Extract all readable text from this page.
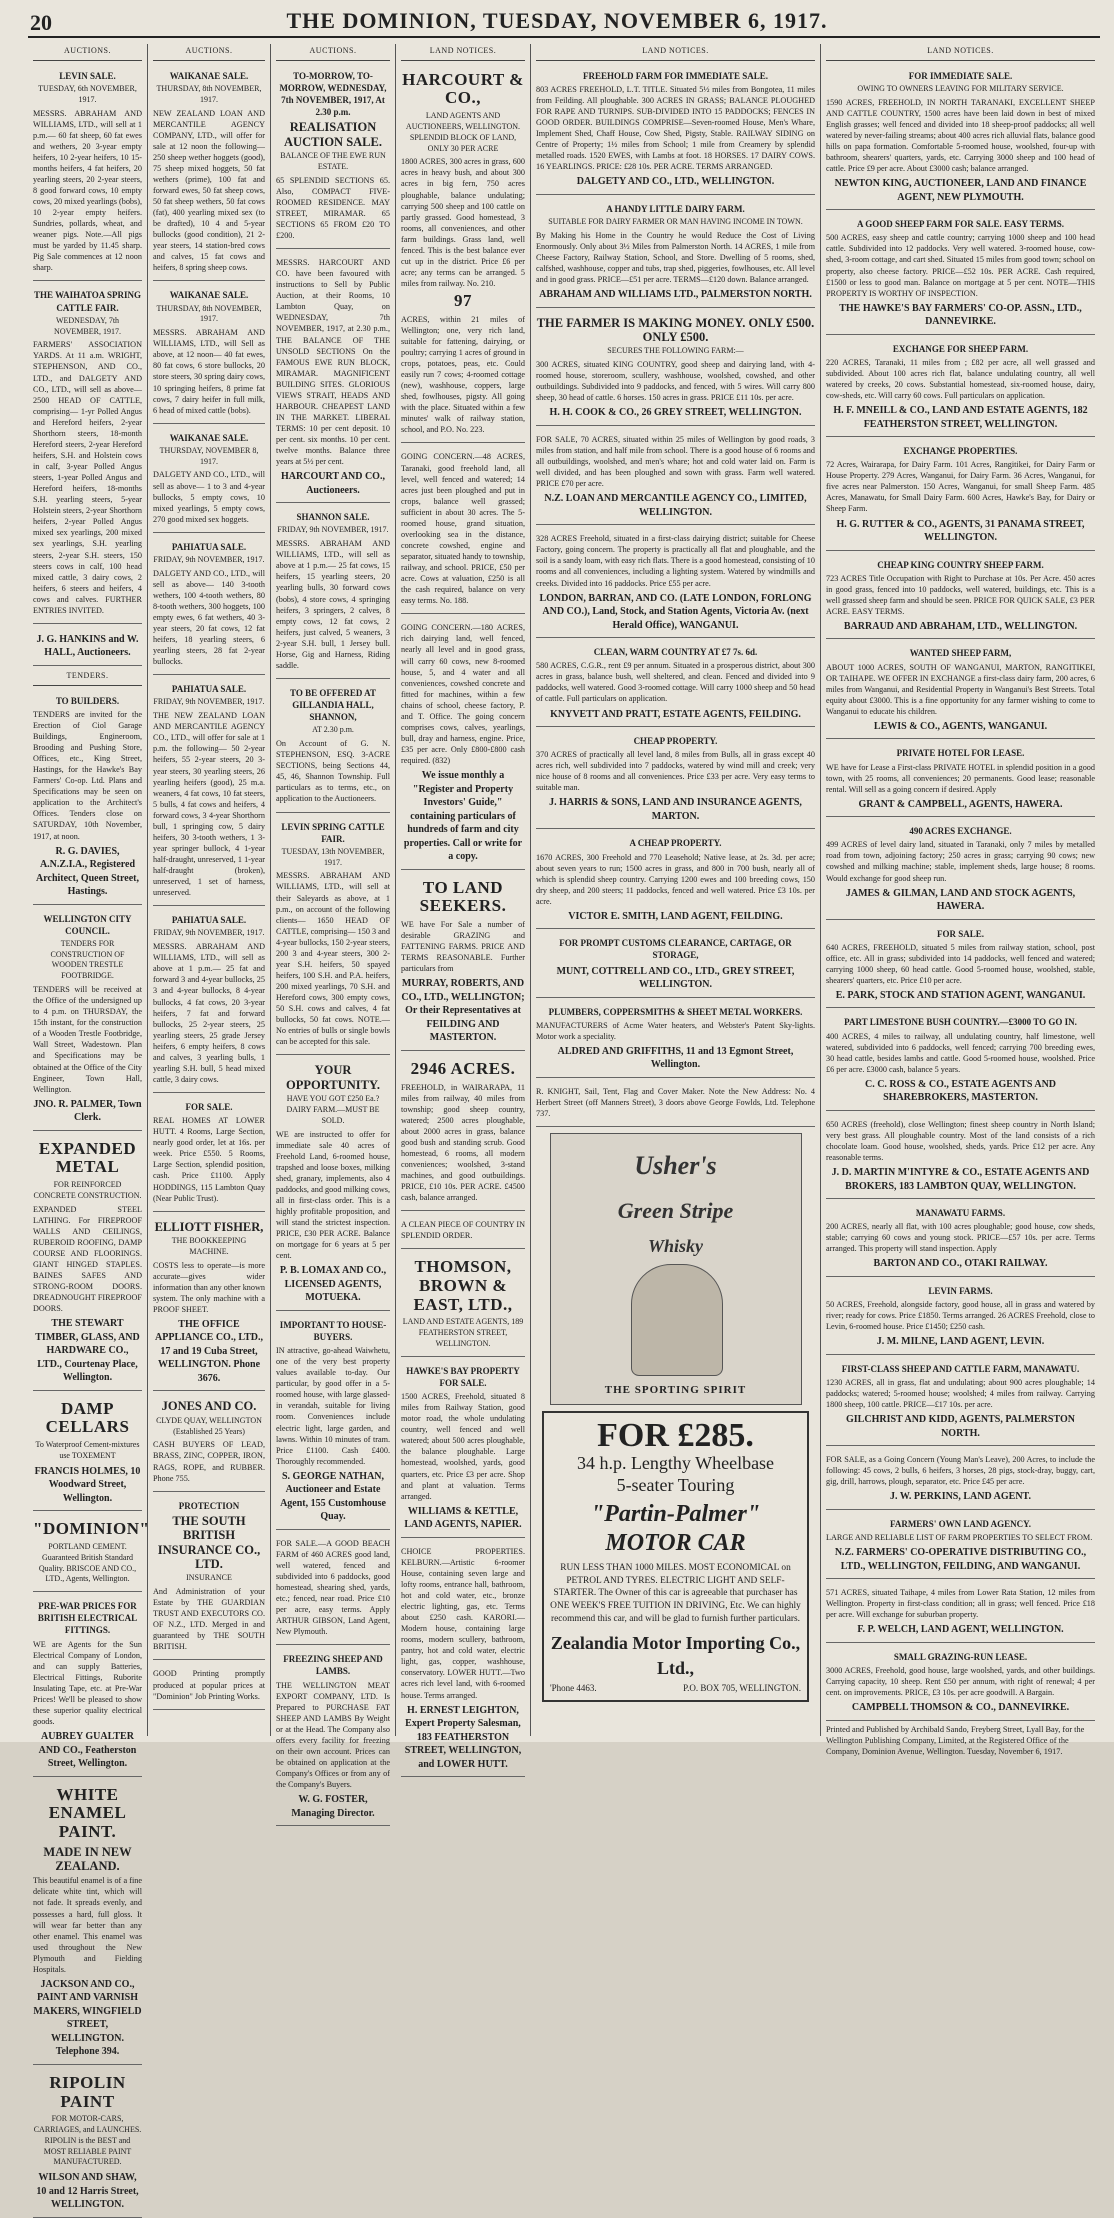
20	THE DOMINION, TUESDAY, NOVEMBER 6, 1917.
AUCTIONS.
LEVIN SALE.
TUESDAY, 6th NOVEMBER, 1917.
MESSRS. ABRAHAM AND WILLIAMS, LTD., will sell at 1 p.m.— 60 fat sheep, 60 fat ewes and wethers, 20 3-year empty heifers, 10 2-year heifers, 10 15-months heifers, 4 fat heifers, 20 yearling steers, 20 2-year steers, 8 good forward cows, 10 empty cows, 20 mixed yearlings (bobs), 10 2-year empty heifers. Sundries, pollards, wheat, and weaner pigs. Note.—All pigs must be yarded by 11.45 sharp. Pig Sale commences at 12 noon sharp.
THE WAIHATOA SPRING CATTLE FAIR.
WEDNESDAY, 7th NOVEMBER, 1917.
FARMERS' ASSOCIATION YARDS. At 11 a.m. WRIGHT, STEPHENSON, AND CO., LTD., and DALGETY AND CO., LTD., will sell as above— 2500 HEAD OF CATTLE, comprising— 1-yr Polled Angus and Hereford heifers, 2-year Shorthorn steers, 18-month Hereford steers, 2-year Hereford heifers, S.H. and Holstein cows in calf, 3-year Polled Angus steers, 1-year Polled Angus and Hereford heifers, 18-months S.H. yearling steers, 5-year Holstein steers, 2-year Shorthorn heifers, 2-year Polled Angus mixed sex yearlings, 200 mixed sex yearlings, S.H. yearling steers, 2-year S.H. steers, 150 steers cows in calf, 100 head mixed cattle, 3 dairy cows, 2 heifers, 6 steers and heifers, 4 cows and calves. FURTHER ENTRIES INVITED.
J. G. HANKINS and W. HALL, Auctioneers.
TENDERS.
TO BUILDERS.
TENDERS are invited for the Erection of Ciol Garage Buildings, Engineroom, Brooding and Pushing Store, Offices, etc., King Street, Hastings, for the Hawke's Bay Farmers' Co-op. Ltd. Plans and Specifications may be seen on application to the Architect's Offices. Tenders close on SATURDAY, 10th November, 1917, at noon.
R. G. DAVIES, A.N.Z.I.A., Registered Architect, Queen Street, Hastings.
WELLINGTON CITY COUNCIL.
TENDERS FOR CONSTRUCTION OF WOODEN TRESTLE FOOTBRIDGE.
TENDERS will be received at the Office of the undersigned up to 4 p.m. on THURSDAY, the 15th instant, for the construction of a Wooden Trestle Footbridge, Wall Street, Wadestown. Plan and Specifications may be obtained at the Office of the City Engineer, Town Hall, Wellington.
JNO. R. PALMER, Town Clerk.
EXPANDED METAL
FOR REINFORCED CONCRETE CONSTRUCTION.
EXPANDED STEEL LATHING. For FIREPROOF WALLS AND CEILINGS, RUBEROID ROOFING, DAMP COURSE AND FLOORINGS. GIANT HINGED STAPLES. BAINES SAFES AND STRONG-ROOM DOORS. DREADNOUGHT FIREPROOF DOORS.
THE STEWART TIMBER, GLASS, AND HARDWARE CO., LTD., Courtenay Place, Wellington.
DAMP CELLARS
To Waterproof Cement-mixtures use TOXEMENT
FRANCIS HOLMES, 10 Woodward Street, Wellington.
"DOMINION"
PORTLAND CEMENT. Guaranteed British Standard Quality. BRISCOE AND CO., LTD., Agents, Wellington.
PRE-WAR PRICES FOR BRITISH ELECTRICAL FITTINGS.
WE are Agents for the Sun Electrical Company of London, and can supply Batteries, Electrical Fittings, Ruborite Insulating Tape, etc. at Pre-War Prices! We'll be pleased to show these superior quality electrical goods.
AUBREY GUALTER AND CO., Featherston Street, Wellington.
WHITE ENAMEL PAINT.
MADE IN NEW ZEALAND.
This beautiful enamel is of a fine delicate white tint, which will not fade. It spreads evenly, and possesses a hard, full gloss. It will wear far better than any other enamel. This enamel was used throughout the New Plymouth and Fielding Hospitals.
JACKSON AND CO., PAINT AND VARNISH MAKERS, WINGFIELD STREET, WELLINGTON. Telephone 394.
RIPOLIN PAINT
FOR MOTOR-CARS, CARRIAGES, and LAUNCHES. RIPOLIN is the BEST and MOST RELIABLE PAINT MANUFACTURED.
WILSON AND SHAW, 10 and 12 Harris Street, WELLINGTON.
AUCTIONS.
WAIKANAE SALE.
THURSDAY, 8th NOVEMBER, 1917.
NEW ZEALAND LOAN AND MERCANTILE AGENCY COMPANY, LTD., will offer for sale at 12 noon the following— 250 sheep wether hoggets (good), 75 sheep mixed hoggets, 50 fat wethers (prime), 100 fat and forward ewes, 50 fat sheep cows, 50 fat sheep wethers, 50 fat cows (fat), 400 yearling mixed sex (to be drafted), 10 4 and 5-year bullocks (good condition), 21 2-year steers, 14 station-bred cows and calves, 15 fat cows and heifers, 8 spring sheep cows.
WAIKANAE SALE.
THURSDAY, 8th NOVEMBER, 1917.
MESSRS. ABRAHAM AND WILLIAMS, LTD., will Sell as above, at 12 noon— 40 fat ewes, 80 fat cows, 6 store bullocks, 20 store steers, 30 spring dairy cows, 10 springing heifers, 8 prime fat cows, 7 dairy heifer in full milk, 6 head of mixed cattle (bobs).
WAIKANAE SALE.
THURSDAY, NOVEMBER 8, 1917.
DALGETY AND CO., LTD., will sell as above— 1 to 3 and 4-year bullocks, 5 empty cows, 10 mixed yearlings, 5 empty cows, 270 good mixed sex hoggets.
PAHIATUA SALE.
FRIDAY, 9th NOVEMBER, 1917.
DALGETY AND CO., LTD., will sell as above— 140 3-tooth wethers, 100 4-tooth wethers, 80 8-tooth wethers, 300 hoggets, 100 empty ewes, 6 fat wethers, 40 3-year steers, 20 fat cows, 12 fat heifers, 18 yearling steers, 6 yearling steers, 28 fat 2-year bullocks.
PAHIATUA SALE.
FRIDAY, 9th NOVEMBER, 1917.
THE NEW ZEALAND LOAN AND MERCANTILE AGENCY CO., LTD., will offer for sale at 1 p.m. the following— 50 2-year heifers, 55 2-year steers, 20 3-year steers, 30 yearling steers, 26 yearling heifers (good), 25 m.a. weaners, 4 fat cows, 10 fat steers, 5 bulls, 4 fat cows and heifers, 4 forward cows, 3 4-year Shorthorn bull, 1 springing cow, 5 dairy heifers, 30 3-tooth wethers, 1 3-year springer bullock, 4 1-year half-draught, unreserved, 1 1-year half-draught (broken), unreserved, 1 set of harness, unreserved.
PAHIATUA SALE.
FRIDAY, 9th NOVEMBER, 1917.
MESSRS. ABRAHAM AND WILLIAMS, LTD., will sell as above at 1 p.m.— 25 fat and forward 3 and 4-year bullocks, 25 3 and 4-year bullocks, 8 4-year bullocks, 4 fat cows, 20 3-year heifers, 7 fat and forward bullocks, 25 2-year steers, 25 yearling steers, 25 grade Jersey heifers, 6 empty heifers, 8 cows and calves, 3 yearling bulls, 1 yearling S.H. bull, 5 head mixed cattle, 3 dairy cows.
FOR SALE.
REAL HOMES AT LOWER HUTT. 4 Rooms, Large Section, nearly good order, let at 16s. per week. Price £550. 5 Rooms, Large Section, splendid position, cash. Price £1100. Apply HODDINGS, 115 Lambton Quay (Near Public Trust).
ELLIOTT FISHER,
THE BOOKKEEPING MACHINE.
COSTS less to operate—is more accurate—gives wider information than any other known system. The only machine with a PROOF SHEET.
THE OFFICE APPLIANCE CO., LTD., 17 and 19 Cuba Street, WELLINGTON. Phone 3676.
JONES AND CO.
CLYDE QUAY, WELLINGTON (Established 25 Years)
CASH BUYERS OF LEAD, BRASS, ZINC, COPPER, IRON, RAGS, ROPE, and RUBBER. Phone 755.
PROTECTION
THE SOUTH BRITISH INSURANCE CO., LTD.
INSURANCE
And Administration of your Estate by THE GUARDIAN TRUST AND EXECUTORS CO. OF N.Z., LTD. Merged in and guaranteed by THE SOUTH BRITISH.
GOOD Printing promptly produced at popular prices at "Dominion" Job Printing Works.
AUCTIONS.
TO-MORROW, TO-MORROW, WEDNESDAY, 7th NOVEMBER, 1917, At 2.30 p.m.
REALISATION AUCTION SALE.
BALANCE OF THE EWE RUN ESTATE.
65 SPLENDID SECTIONS 65. Also, COMPACT FIVE-ROOMED RESIDENCE. MAY STREET, MIRAMAR. 65 SECTIONS 65 FROM £20 TO £200.
MESSRS. HARCOURT AND CO. have been favoured with instructions to Sell by Public Auction, at their Rooms, 10 Lambton Quay, on WEDNESDAY, 7th NOVEMBER, 1917, at 2.30 p.m., THE BALANCE OF THE UNSOLD SECTIONS On the FAMOUS EWE RUN BLOCK, MIRAMAR. MAGNIFICENT BUILDING SITES. GLORIOUS VIEWS STRAIT, HEADS AND HARBOUR. CHEAPEST LAND IN THE MARKET. LIBERAL TERMS: 10 per cent deposit. 10 per cent. six months. 10 per cent. twelve months. Balance three years at 5½ per cent.
HARCOURT AND CO., Auctioneers.
SHANNON SALE.
FRIDAY, 9th NOVEMBER, 1917.
MESSRS. ABRAHAM AND WILLIAMS, LTD., will sell as above at 1 p.m.— 25 fat cows, 15 heifers, 15 yearling steers, 20 yearling bulls, 30 forward cows (bobs), 4 store cows, 4 springing heifers, 3 springers, 2 calves, 8 empty cows, 12 fat cows, 2 heifers, just calved, 5 weaners, 3 2-year S.H. bull, 1 Jersey bull. Horse, Gig and Harness, Riding saddle.
TO BE OFFERED AT GILLANDIA HALL, SHANNON,
AT 2.30 p.m.
On Account of G. N. STEPHENSON, ESQ. 3-ACRE SECTIONS, being Sections 44, 45, 46, Shannon Township. Full particulars as to terms, etc., on application to the Auctioneers.
LEVIN SPRING CATTLE FAIR.
TUESDAY, 13th NOVEMBER, 1917.
MESSRS. ABRAHAM AND WILLIAMS, LTD., will sell at their Saleyards as above, at 1 p.m., on account of the following clients— 1650 HEAD OF CATTLE, comprising— 150 3 and 4-year bullocks, 150 2-year steers, 200 3 and 4-year steers, 300 2-year S.H. heifers, 50 spayed heifers, 100 S.H. and P.A. heifers, 200 mixed yearlings, 70 S.H. and Hereford cows, 300 empty cows, 50 S.H. cows and calves, 4 fat bullocks, 50 fat cows. NOTE.—No entries of bulls or single bowls can be accepted for this sale.
YOUR OPPORTUNITY.
HAVE YOU GOT £250 Ea.? DAIRY FARM.—MUST BE SOLD.
WE are instructed to offer for immediate sale 40 acres of Freehold Land, 6-roomed house, trapshed and loose boxes, milking shed, granary, implements, also 4 paddocks, and good milking cows, all in first-class order. This is a highly profitable proposition, and will stand the strictest inspection. PRICE, £30 PER ACRE. Balance on mortgage for 6 years at 5 per cent.
P. B. LOMAX AND CO., LICENSED AGENTS, MOTUEKA.
IMPORTANT TO HOUSE-BUYERS.
IN attractive, go-ahead Waiwhetu, one of the very best property values available to-day. Our particular, by good offer in a 5-roomed house, with large glassed-in verandah, suitable for living room. Conveniences include electric light, large garden, and lawns. Within 10 minutes of tram. Price £1100. Cash £400. Thoroughly recommended.
S. GEORGE NATHAN, Auctioneer and Estate Agent, 155 Customhouse Quay.
FOR SALE.—A GOOD BEACH FARM of 460 ACRES good land, well watered, fenced and subdivided into 6 paddocks, good homestead, shearing shed, yards, etc.; fenced, near road. Price £10 per acre, easy terms. Apply ARTHUR GIBSON, Land Agent, New Plymouth.
FREEZING SHEEP AND LAMBS.
THE WELLINGTON MEAT EXPORT COMPANY, LTD. Is Prepared to PURCHASE FAT SHEEP AND LAMBS By Weight or at the Head. The Company also offers every facility for freezing on their own account. Prices can be obtained on application at the Company's Offices or from any of the Company's Buyers.
W. G. FOSTER, Managing Director.
LAND NOTICES.
HARCOURT & CO.,
LAND AGENTS AND AUCTIONEERS, WELLINGTON. SPLENDID BLOCK OF LAND, ONLY 30 PER ACRE
1800 ACRES, 300 acres in grass, 600 acres in heavy bush, and about 300 acres in big fern, 750 acres ploughable, balance undulating; carrying 500 sheep and 100 cattle on partly grassed. Good homestead, 3 rooms, all conveniences, and other farm buildings. Grass land, well fenced. This is the best balance ever cut up in the district. Price £6 per acre; any terms can be arranged. 5 miles from railway. No. 210.
97
ACRES, within 21 miles of Wellington; one, very rich land, suitable for fattening, dairying, or poultry; carrying 1 acres of ground in crops, potatoes, peas, etc. Could easily run 7 cows; 4-roomed cottage (new), washhouse, coppers, large shed, fowlhouses, pigsty. All going with the place. Situated within a few minutes' walk of railway station, school, and P.O. No. 223.
GOING CONCERN.—48 ACRES, Taranaki, good freehold land, all level, well fenced and watered; 14 acres just been ploughed and put in crops, balance well grassed; sufficient in about 30 acres. The 5-roomed house, grand situation, overlooking sea in the distance, concrete cowshed, engine and separator, situated handy to township, railway, and school. PRICE, £50 per acre. Cows at valuation, £250 is all the cash required, balance on very easy terms. No. 188.
GOING CONCERN.—180 ACRES, rich dairying land, well fenced, nearly all level and in good grass, will carry 60 cows, new 8-roomed house, 5, and 4 water and all conveniences, cowshed concrete and fitted for machines, within a few chains of school, cheese factory, P. and T. Office. The going concern comprises cows, calves, yearlings, bull, dray and harness, engine. Price, £35 per acre. Only £800-£800 cash required. (832)
We issue monthly a "Register and Property Investors' Guide," containing particulars of hundreds of farm and city properties. Call or write for a copy.
TO LAND SEEKERS.
WE have For Sale a number of desirable GRAZING and FATTENING FARMS. PRICE AND TERMS REASONABLE. Further particulars from
MURRAY, ROBERTS, AND CO., LTD., WELLINGTON; Or their Representatives at FEILDING AND MASTERTON.
2946 ACRES.
FREEHOLD, in WAIRARAPA, 11 miles from railway, 40 miles from township; good sheep country, watered; 2500 acres ploughable, about 2000 acres in grass, balance good bush and standing scrub. Good homestead, 6 rooms, all modern conveniences; woolshed, 3-stand machines, and good outbuildings. PRICE, £10 10s. PER ACRE. £4500 cash, balance arranged.
A CLEAN PIECE OF COUNTRY IN SPLENDID ORDER.
THOMSON, BROWN & EAST, LTD.,
LAND AND ESTATE AGENTS, 189 FEATHERSTON STREET, WELLINGTON.
HAWKE'S BAY PROPERTY FOR SALE.
1500 ACRES, Freehold, situated 8 miles from Railway Station, good motor road, the whole undulating country, well fenced and well watered; about 500 acres ploughable, the balance ploughable. Large homestead, woolshed, yards, good quarters, etc. Price £3 per acre. Shop and plant at valuation. Terms arranged.
WILLIAMS & KETTLE, LAND AGENTS, NAPIER.
CHOICE PROPERTIES. KELBURN.—Artistic 6-roomer House, containing seven large and lofty rooms, entrance hall, bathroom, hot and cold water, etc., bronze electric lighting, gas, etc. Terms about £250 cash. KARORI.—Modern house, containing large rooms, modern scullery, bathroom, pantry, hot and cold water, electric light, gas, copper, washhouse, conservatory. LOWER HUTT.—Two acres rich level land, with 6-roomed house. Terms arranged.
H. ERNEST LEIGHTON, Expert Property Salesman, 183 FEATHERSTON STREET, WELLINGTON, and LOWER HUTT.
LAND NOTICES.
FREEHOLD FARM FOR IMMEDIATE SALE.
803 ACRES FREEHOLD, L.T. TITLE. Situated 5½ miles from Bongotea, 11 miles from Feilding. All ploughable. 300 ACRES IN GRASS; BALANCE PLOUGHED FOR RAPE AND TURNIPS. SUB-DIVIDED INTO 15 PADDOCKS; FENCES IN GOOD ORDER. BUILDINGS COMPRISE—Seven-roomed House, Men's Whare, Implement Shed, Chaff House, Cow Shed, Pigsty, Stable. RAILWAY SIDING on Centre of Property; 1½ miles from School; 1 mile from Creamery by splendid metalled roads. 1520 EWES, with Lambs at foot. 18 HORSES. 17 DAIRY COWS. 16 YEARLINGS. PRICE: £28 10s. PER ACRE. TERMS ARRANGED.
DALGETY AND CO., LTD., WELLINGTON.
A HANDY LITTLE DAIRY FARM.
SUITABLE FOR DAIRY FARMER OR MAN HAVING INCOME IN TOWN.
By Making his Home in the Country he would Reduce the Cost of Living Enormously. Only about 3½ Miles from Palmerston North. 14 ACRES, 1 mile from Cheese Factory, Railway Station, School, and Store. Dwelling of 5 rooms, shed, calfshed, washhouse, copper and tubs, trap shed, piggeries, fowlhouses, etc. All level and in good grass. PRICE—£51 per acre. TERMS—£120 down. Balance arranged.
ABRAHAM AND WILLIAMS LTD., PALMERSTON NORTH.
THE FARMER IS MAKING MONEY. ONLY £500. ONLY £500.
SECURES THE FOLLOWING FARM:—
300 ACRES, situated KING COUNTRY, good sheep and dairying land, with 4-roomed house, storeroom, scullery, washhouse, woolshed, cowshed, and other outbuildings. Subdivided into 9 paddocks, and fenced, with 5 wires. Will carry 800 sheep, 30 head of cattle. 6 horses. 150 acres in grass. PRICE £11 10s. per acre.
H. H. COOK & CO., 26 GREY STREET, WELLINGTON.
FOR SALE, 70 ACRES, situated within 25 miles of Wellington by good roads, 3 miles from station, and half mile from school. There is a good house of 6 rooms and all outbuildings, woolshed, and men's whare; hot and cold water laid on. Farm is well divided, and has been ploughed and sown with grass. Farm well watered. PRICE £70 per acre.
N.Z. LOAN AND MERCANTILE AGENCY CO., LIMITED, WELLINGTON.
328 ACRES Freehold, situated in a first-class dairying district; suitable for Cheese Factory, going concern. The property is practically all flat and ploughable, and the soil is a sandy loam, with easy rich flats. There is a good homestead, consisting of 10 rooms and all conveniences, including a lighting system. Watered by windmills and creeks. Divided into 16 paddocks. Price £55 per acre.
LONDON, BARRAN, AND CO. (LATE LONDON, FORLONG AND CO.), Land, Stock, and Station Agents, Victoria Av. (next Herald Office), WANGANUI.
CLEAN, WARM COUNTRY AT £7 7s. 6d.
580 ACRES, C.G.R., rent £9 per annum. Situated in a prosperous district, about 300 acres in grass, balance bush, well sheltered, and clean. Fenced and divided into 9 paddocks, well watered. Good 3-roomed cottage. Will carry 1000 sheep and 50 head of cattle. Full particulars on application.
KNYVETT AND PRATT, ESTATE AGENTS, FEILDING.
CHEAP PROPERTY.
370 ACRES of practically all level land, 8 miles from Bulls, all in grass except 40 acres rich, well subdivided into 7 paddocks, watered by wind mill and creek; very nice house of 8 rooms and all conveniences. Price £33 per acre. Very easy terms to suitable man.
J. HARRIS & SONS, LAND AND INSURANCE AGENTS, MARTON.
A CHEAP PROPERTY.
1670 ACRES, 300 Freehold and 770 Leasehold; Native lease, at 2s. 3d. per acre; about seven years to run; 1500 acres in grass, and 800 in 700 bush, nearly all of which is splendid sheep country. Carrying 1200 ewes and 100 breeding cows, 150 dry sheep, and 200 steers; 11 paddocks, fenced and well watered. Price £3 10s. per acre.
VICTOR E. SMITH, LAND AGENT, FEILDING.
FOR PROMPT CUSTOMS CLEARANCE, CARTAGE, OR STORAGE,
MUNT, COTTRELL AND CO., LTD., GREY STREET, WELLINGTON.
PLUMBERS, COPPERSMITHS & SHEET METAL WORKERS.
MANUFACTURERS of Acme Water heaters, and Webster's Patent Sky-lights. Motor work a speciality.
ALDRED AND GRIFFITHS, 11 and 13 Egmont Street, Wellington.
R. KNIGHT, Sail, Tent, Flag and Cover Maker. Note the New Address: No. 4 Herbert Street (off Manners Street), 3 doors above George Fowlds, Ltd. Telephone 737.
Usher's
Green Stripe
Whisky
THE SPORTING SPIRIT
FOR £285.
34 h.p. Lengthy Wheelbase
5-seater Touring
"Partin-Palmer" MOTOR CAR
RUN LESS THAN 1000 MILES. MOST ECONOMICAL on PETROL AND TYRES. ELECTRIC LIGHT AND SELF-STARTER. The Owner of this car is agreeable that purchaser has ONE WEEK'S FREE TUITION IN DRIVING, Etc. We can highly recommend this car, and will be glad to furnish further particulars.
Zealandia Motor Importing Co., Ltd.,
'Phone 4463.	P.O. BOX 705, WELLINGTON.
LAND NOTICES.
FOR IMMEDIATE SALE.
OWING TO OWNERS LEAVING FOR MILITARY SERVICE.
1590 ACRES, FREEHOLD, IN NORTH TARANAKI, EXCELLENT SHEEP AND CATTLE COUNTRY, 1500 acres have been laid down in best of mixed English grasses; well fenced and divided into 18 sheep-proof paddocks; all well watered by never-failing streams; about 400 acres rich alluvial flats, balance good hills on papa formation. Comfortable 5-roomed house, woolshed, four-up with bathroom, shearers' quarters, yards, etc. Carrying 3000 sheep and 100 head of cattle. Price £9 per acre. About £3000 cash; balance arranged.
NEWTON KING, AUCTIONEER, LAND AND FINANCE AGENT, NEW PLYMOUTH.
A GOOD SHEEP FARM FOR SALE. EASY TERMS.
500 ACRES, easy sheep and cattle country; carrying 1000 sheep and 100 head cattle. Subdivided into 12 paddocks. Very well watered. 3-roomed house, cow-shed, 3-room cottage, and cart shed. Situated 15 miles from good town; school on property, also cheese factory. PRICE—£52 10s. PER ACRE. Cash required, £1500 or less to good man. Balance on mortgage at 5 per cent. NOTE—THIS PROPERTY IS WORTHY OF INSPECTION.
THE HAWKE'S BAY FARMERS' CO-OP. ASSN., LTD., DANNEVIRKE.
EXCHANGE FOR SHEEP FARM.
220 ACRES, Taranaki, 11 miles from ; £82 per acre, all well grassed and subdivided. About 100 acres rich flat, balance undulating country, all well watered by creeks, 20 cows. Substantial homestead, six-roomed house, dairy, cow-sheds, etc. Will carry 60 cows. Full particulars on application.
H. F. MNEILL & CO., LAND AND ESTATE AGENTS, 182 FEATHERSTON STREET, WELLINGTON.
EXCHANGE PROPERTIES.
72 Acres, Wairarapa, for Dairy Farm. 101 Acres, Rangitikei, for Dairy Farm or House Property. 279 Acres, Wanganui, for Dairy Farm. 36 Acres, Wanganui, for five acres near Palmerston. 150 Acres, Wanganui, for small Sheep Farm. 485 Acres, Manawatu, for Small Dairy Farm. 600 Acres, Hawke's Bay, for Dairy or Sheep Farm.
H. G. RUTTER & CO., AGENTS, 31 PANAMA STREET, WELLINGTON.
CHEAP KING COUNTRY SHEEP FARM.
723 ACRES Title Occupation with Right to Purchase at 10s. Per Acre. 450 acres in good grass, fenced into 10 paddocks, well watered, buildings, etc. This is a well grassed sheep farm and should be seen. PRICE FOR QUICK SALE, £3 PER ACRE. EASY TERMS.
BARRAUD AND ABRAHAM, LTD., WELLINGTON.
WANTED SHEEP FARM,
ABOUT 1000 ACRES, SOUTH OF WANGANUI, MARTON, RANGITIKEI, OR TAIHAPE. WE OFFER IN EXCHANGE a first-class dairy farm, 200 acres, 6 miles from Wanganui, and Residential Property in Wanganui's Best Streets. Total equity about £3000. This is a fine opportunity for any farmer wishing to come to Wanganui to educate his children.
LEWIS & CO., AGENTS, WANGANUI.
PRIVATE HOTEL FOR LEASE.
WE have for Lease a First-class PRIVATE HOTEL in splendid position in a good town, with 25 rooms, all conveniences; 20 permanents. Good lease; reasonable rental. Will sell as a going concern if desired. Apply
GRANT & CAMPBELL, AGENTS, HAWERA.
490 ACRES EXCHANGE.
499 ACRES of level dairy land, situated in Taranaki, only 7 miles by metalled road from town, adjoining factory; 250 acres in grass; carrying 90 cows; new cowshed and milking machine; stable, implement sheds, large house; 8 rooms. Would exchange for good sheep run.
JAMES & GILMAN, LAND AND STOCK AGENTS, HAWERA.
FOR SALE.
640 ACRES, FREEHOLD, situated 5 miles from railway station, school, post office, etc. All in grass; subdivided into 14 paddocks, well fenced and watered; carrying 1000 sheep, 60 head cattle. Good 5-roomed house, woolshed, stable, shearers' quarters, etc. Price £10 per acre.
E. PARK, STOCK AND STATION AGENT, WANGANUI.
PART LIMESTONE BUSH COUNTRY.—£3000 TO GO IN.
400 ACRES, 4 miles to railway, all undulating country, half limestone, well watered, subdivided into 6 paddocks, well fenced; carrying 700 breeding ewes, 30 head cattle, besides lambs and cattle. Good 5-roomed house, woolshed. Price £6 per acre. £3000 cash, balance 5 years.
C. C. ROSS & CO., ESTATE AGENTS AND SHAREBROKERS, MASTERTON.
650 ACRES (freehold), close Wellington; finest sheep country in North Island; very best grass. All ploughable country. Most of the land consists of a rich chocolate loam. Good house, woolshed, sheds, yards. Price £12 per acre. Any reasonable terms.
J. D. MARTIN M'INTYRE & CO., ESTATE AGENTS AND BROKERS, 183 LAMBTON QUAY, WELLINGTON.
MANAWATU FARMS.
200 ACRES, nearly all flat, with 100 acres ploughable; good house, cow sheds, stable; carrying 60 cows and young stock. PRICE—£57 10s. per acre. Terms arranged. This property will stand inspection. Apply
BARTON AND CO., OTAKI RAILWAY.
LEVIN FARMS.
50 ACRES, Freehold, alongside factory, good house, all in grass and watered by river; ready for cows. Price £1850. Terms arranged. 26 ACRES Freehold, close to Levin, 6-roomed house. Price £1450; £250 cash.
J. M. MILNE, LAND AGENT, LEVIN.
FIRST-CLASS SHEEP AND CATTLE FARM, MANAWATU.
1230 ACRES, all in grass, flat and undulating; about 900 acres ploughable; 14 paddocks; watered; 5-roomed house; woolshed; 4 miles from railway. Carrying 1800 sheep, 100 cattle. PRICE—£17 10s. per acre.
GILCHRIST AND KIDD, AGENTS, PALMERSTON NORTH.
FOR SALE, as a Going Concern (Young Man's Leave), 200 Acres, to include the following: 45 cows, 2 bulls, 6 heifers, 3 horses, 28 pigs, stock-dray, buggy, cart, gig, drill, harrows, plough, separator, etc. Price £45 per acre.
J. W. PERKINS, LAND AGENT.
FARMERS' OWN LAND AGENCY.
LARGE AND RELIABLE LIST OF FARM PROPERTIES TO SELECT FROM.
N.Z. FARMERS' CO-OPERATIVE DISTRIBUTING CO., LTD., WELLINGTON, FEILDING, AND WANGANUI.
571 ACRES, situated Taihape, 4 miles from Lower Rata Station, 12 miles from Wellington. Property in first-class condition; all in grass; well fenced. Price £18 per acre. Will exchange for suburban property.
F. P. WELCH, LAND AGENT, WELLINGTON.
SMALL GRAZING-RUN LEASE.
3000 ACRES, Freehold, good house, large woolshed, yards, and other buildings. Carrying capacity, 10 sheep. Rent £50 per annum, with right of renewal; 4 per cent. on improvements. PRICE, £3 10s. per acre goodwill. A Bargain.
CAMPBELL THOMSON & CO., DANNEVIRKE.
Printed and Published by Archibald Sando, Freyberg Street, Lyall Bay, for the Wellington Publishing Company, Limited, at the Registered Office of the Company, Dominion Avenue, Wellington. Tuesday, November 6, 1917.
